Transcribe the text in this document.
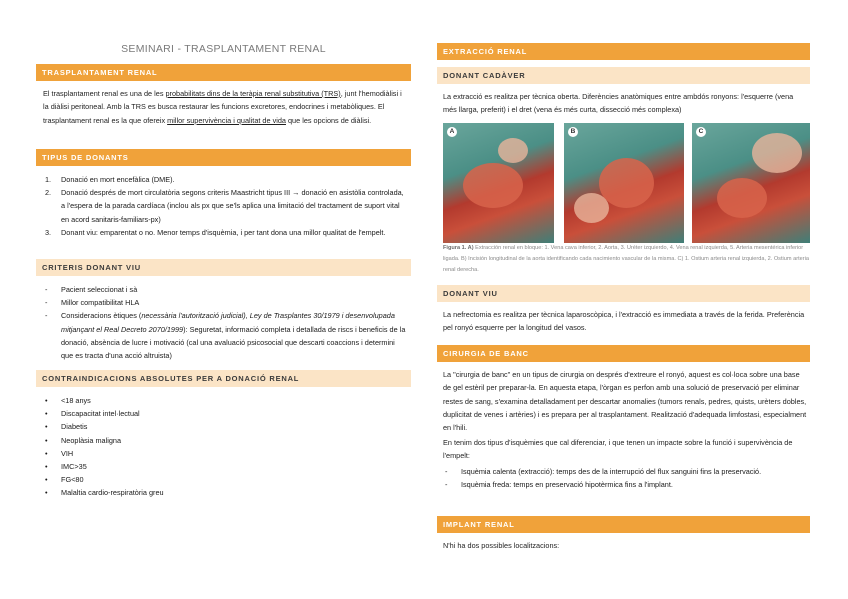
SEMINARI - TRASPLANTAMENT RENAL
TRASPLANTAMENT RENAL
El trasplantament renal es una de les probabilitats dins de la teràpia renal substitutiva (TRS), junt l'hemodiàlisi i la diàlisi peritoneal. Amb la TRS es busca restaurar les funcions excretores, endocrines i metabòliques. El trasplantament renal es la que ofereix millor supervivència i qualitat de vida que les opcions de diàlisi.
TIPUS DE DONANTS
1. Donació en mort encefàlica (DME).
2. Donació després de mort circulatòria segons criteris Maastricht tipus III → donació en asistòlia controlada, a l'espera de la parada cardíaca (inclou als px que se'ls aplica una limitació del tractament de suport vital en acord sanitaris-familiars-px)
3. Donant viu: emparentat o no. Menor temps d'isquèmia, i per tant dona una millor qualitat de l'empelt.
CRITERIS DONANT VIU
- Pacient seleccionat i sà
- Millor compatibilitat HLA
- Consideracions ètiques (necessària l'autorització judicial), Ley de Trasplantes 30/1979 i desenvolupada mitjançant el Real Decreto 2070/1999): Seguretat, informació completa i detallada de riscs i beneficis de la donació, absència de lucre i motivació (cal una avaluació psicosocial que descarti coaccions i determini que es tracta d'una acció altruista)
CONTRAINDICACIONS ABSOLUTES PER A DONACIÓ RENAL
• <18 anys
• Discapacitat intel·lectual
• Diabetis
• Neoplàsia maligna
• VIH
• IMC>35
• FG<80
• Malaltia cardio-respiratòria greu
EXTRACCIÓ RENAL
DONANT CADÀVER
La extracció es realitza per tècnica oberta. Diferències anatòmiques entre ambdós ronyons: l'esquerre (vena més llarga, preferit) i el dret (vena és més curta, dissecció més complexa)
A	B	C
Figura 1. A) Extracción renal en bloque: 1. Vena cava inferior, 2. Aorta, 3. Uréter izquierdo, 4. Vena renal izquierda, 5. Arteria mesentérica inferior ligada. B) Incisión longitudinal de la aorta identificando cada nacimiento vascular de la misma. C) 1. Ostium arteria renal izquierda, 2. Ostium arteria renal derecha.
DONANT VIU
La nefrectomia es realitza per tècnica laparoscòpica, i l'extracció es immediata a través de la ferida. Preferència pel ronyó esquerre per la longitud del vasos.
CIRURGIA DE BANC
La "cirurgia de banc" en un tipus de cirurgia on després d'extreure el ronyó, aquest es col·loca sobre una base de gel estèril per preparar-la. En aquesta etapa, l'òrgan es perfon amb una solució de preservació per eliminar restes de sang, s'examina detalladament per descartar anomalies (tumors renals, pedres, quists, urèters dobles, duplicitat de venes i artèries) i es prepara per al trasplantament. Realització d'adequada limfostasi, especialment en l'hili.
En tenim dos tipus d'isquèmies que cal diferenciar, i que tenen un impacte sobre la funció i supervivència de l'empelt:
- Isquèmia calenta (extracció): temps des de la interrupció del flux sanguini fins la preservació.
- Isquèmia freda: temps en preservació hipotèrmica fins a l'implant.
IMPLANT RENAL
N'hi ha dos possibles localitzacions:
